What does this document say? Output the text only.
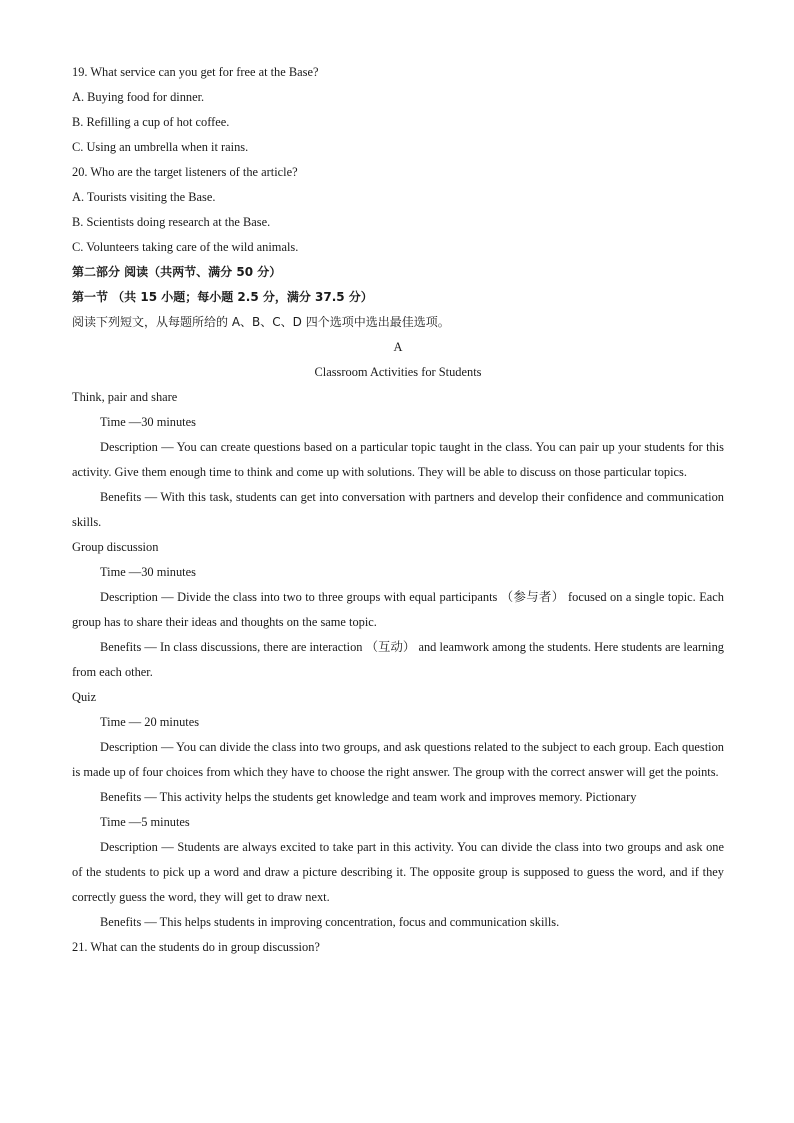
19. What service can you get for free at the Base?
A. Buying food for dinner.
B. Refilling a cup of hot coffee.
C. Using an umbrella when it rains.
20. Who are the target listeners of the article?
A. Tourists visiting the Base.
B. Scientists doing research at the Base.
C. Volunteers taking care of the wild animals.
第二部分 阅读（共两节、满分 50 分）
第一节 （共 15 小题；每小题 2.5 分，满分 37.5 分）
阅读下列短文，从每题所给的 A、B、C、D 四个选项中选出最佳选项。
A
Classroom Activities for Students
Think, pair and share
Time —30 minutes
Description — You can create questions based on a particular topic taught in the class. You can pair up your students for this activity. Give them enough time to think and come up with solutions. They will be able to discuss on those particular topics.
Benefits — With this task, students can get into conversation with partners and develop their confidence and communication skills.
Group discussion
Time —30 minutes
Description — Divide the class into two to three groups with equal participants （参与者） focused on a single topic. Each group has to share their ideas and thoughts on the same topic.
Benefits — In class discussions, there are interaction （互动） and leamwork among the students. Here students are learning from each other.
Quiz
Time — 20 minutes
Description — You can divide the class into two groups, and ask questions related to the subject to each group. Each question is made up of four choices from which they have to choose the right answer. The group with the correct answer will get the points.
Benefits — This activity helps the students get knowledge and team work and improves memory. Pictionary
Time —5 minutes
Description — Students are always excited to take part in this activity. You can divide the class into two groups and ask one of the students to pick up a word and draw a picture describing it. The opposite group is supposed to guess the word, and if they correctly guess the word, they will get to draw next.
Benefits — This helps students in improving concentration, focus and communication skills.
21. What can the students do in group discussion?
